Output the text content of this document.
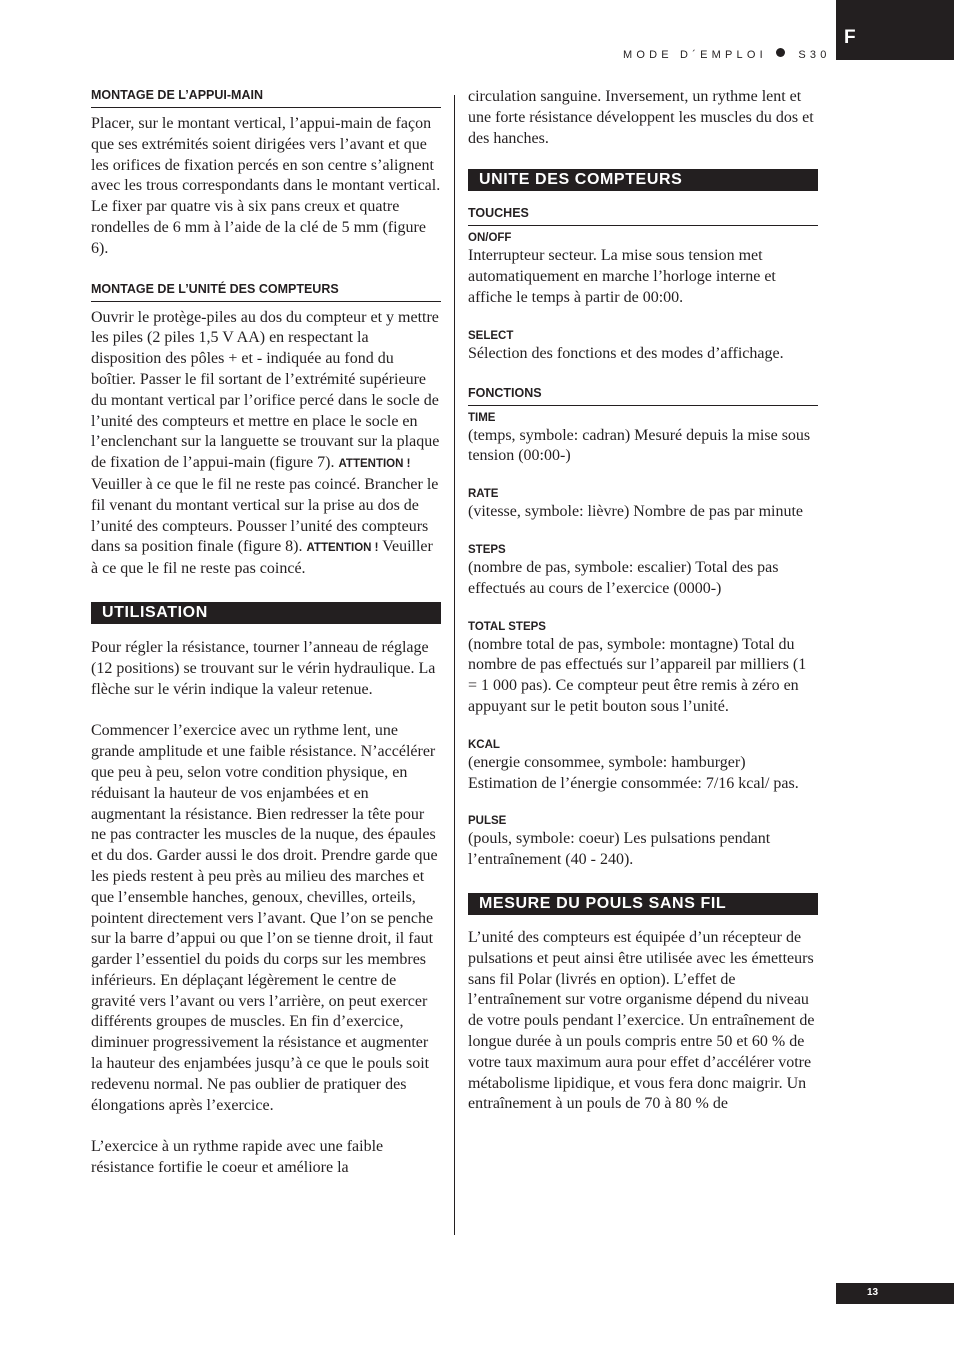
F
MODE D´EMPLOI	S30
MONTAGE DE L’APPUI-MAIN

Placer, sur le montant vertical, l’appui-main de façon que ses extrémités soient dirigées vers l’avant et que les orifices de fixation percés en son centre s’alignent avec les trous correspondants dans le montant vertical. Le fixer par quatre vis à six pans creux et quatre rondelles de 6 mm à l’aide de la clé de 5 mm (figure 6).

MONTAGE DE L’UNITÉ DES COMPTEURS

Ouvrir le protège-piles au dos du compteur et y mettre les piles (2 piles 1,5 V AA) en respectant la disposition des pôles + et - indiquée au fond du boîtier. Passer le fil sortant de l’extrémité supérieure du montant vertical par l’orifice percé dans le socle de l’unité des compteurs et mettre en place le socle en l’enclenchant sur la languette se trouvant sur la plaque de fixation de l’appui-main (figure 7). ATTENTION ! Veuiller à ce que le fil ne reste pas coincé. Brancher le fil venant du montant vertical sur la prise au dos de l’unité des compteurs. Pousser l’unité des compteurs dans sa position finale (figure 8). ATTENTION ! Veuiller à ce que le fil ne reste pas coincé.

UTILISATION

Pour régler la résistance, tourner l’anneau de réglage (12 positions) se trouvant sur le vérin hydraulique. La flèche sur le vérin indique la valeur retenue.

Commencer l’exercice avec un rythme lent, une grande amplitude et une faible résistance. N’accélérer que peu à peu, selon votre condition physique, en réduisant la hauteur de vos enjambées et en augmentant la résistance. Bien redresser la tête pour ne pas contracter les muscles de la nuque, des épaules et du dos. Garder aussi le dos droit. Prendre garde que les pieds restent à peu près au milieu des marches et que l’ensemble hanches, genoux, chevilles, orteils, pointent directement vers l’avant. Que l’on se penche sur la barre d’appui ou que l’on se tienne droit, il faut garder l’essentiel du poids du corps sur les membres inférieurs. En déplaçant légèrement le centre de gravité vers l’avant ou vers l’arrière, on peut exercer différents groupes de muscles. En fin d’exercice, diminuer progressivement la résistance et augmenter la hauteur des enjambées jusqu’à ce que le pouls soit redevenu normal. Ne pas oublier de pratiquer des élongations après l’exercice.

L’exercice à un rythme rapide avec une faible résistance fortifie le coeur et améliore la

circulation sanguine. Inversement, un rythme lent et une forte résistance développent les muscles du dos et des hanches.

UNITE DES COMPTEURS
TOUCHES
ON/OFF

Interrupteur secteur. La mise sous tension met automatiquement en marche l’horloge interne et affiche le temps à partir de 00:00.

SELECT

Sélection des fonctions et des modes d’affichage.

FONCTIONS
TIME

(temps, symbole: cadran) Mesuré depuis la mise sous tension (00:00-)

RATE

(vitesse, symbole: lièvre) Nombre de pas par minute

STEPS

(nombre de pas, symbole: escalier) Total des pas effectués au cours de l’exercice (0000-)

TOTAL STEPS

(nombre total de pas, symbole: montagne) Total du nombre de pas effectués sur l’appareil par milliers (1 = 1 000 pas). Ce compteur peut être remis à zéro en appuyant sur le petit bouton sous l’unité.

KCAL

(energie consommee, symbole: hamburger) Estimation de l’énergie consommée: 7/16 kcal/ pas.

PULSE

(pouls, symbole: coeur) Les pulsations pendant l’entraînement (40 - 240).

MESURE DU POULS SANS FIL

L’unité des compteurs est équipée d’un récepteur de pulsations et peut ainsi être utilisée avec les émetteurs sans fil Polar (livrés en option). L’effet de l’entraînement sur votre organisme dépend du niveau de votre pouls pendant l’exercice. Un entraînement de longue durée à un pouls compris entre 50 et 60 % de votre taux maximum aura pour effet d’accélérer votre métabolisme lipidique, et vous fera donc maigrir. Un entraînement à un pouls de 70 à 80 % de

13
